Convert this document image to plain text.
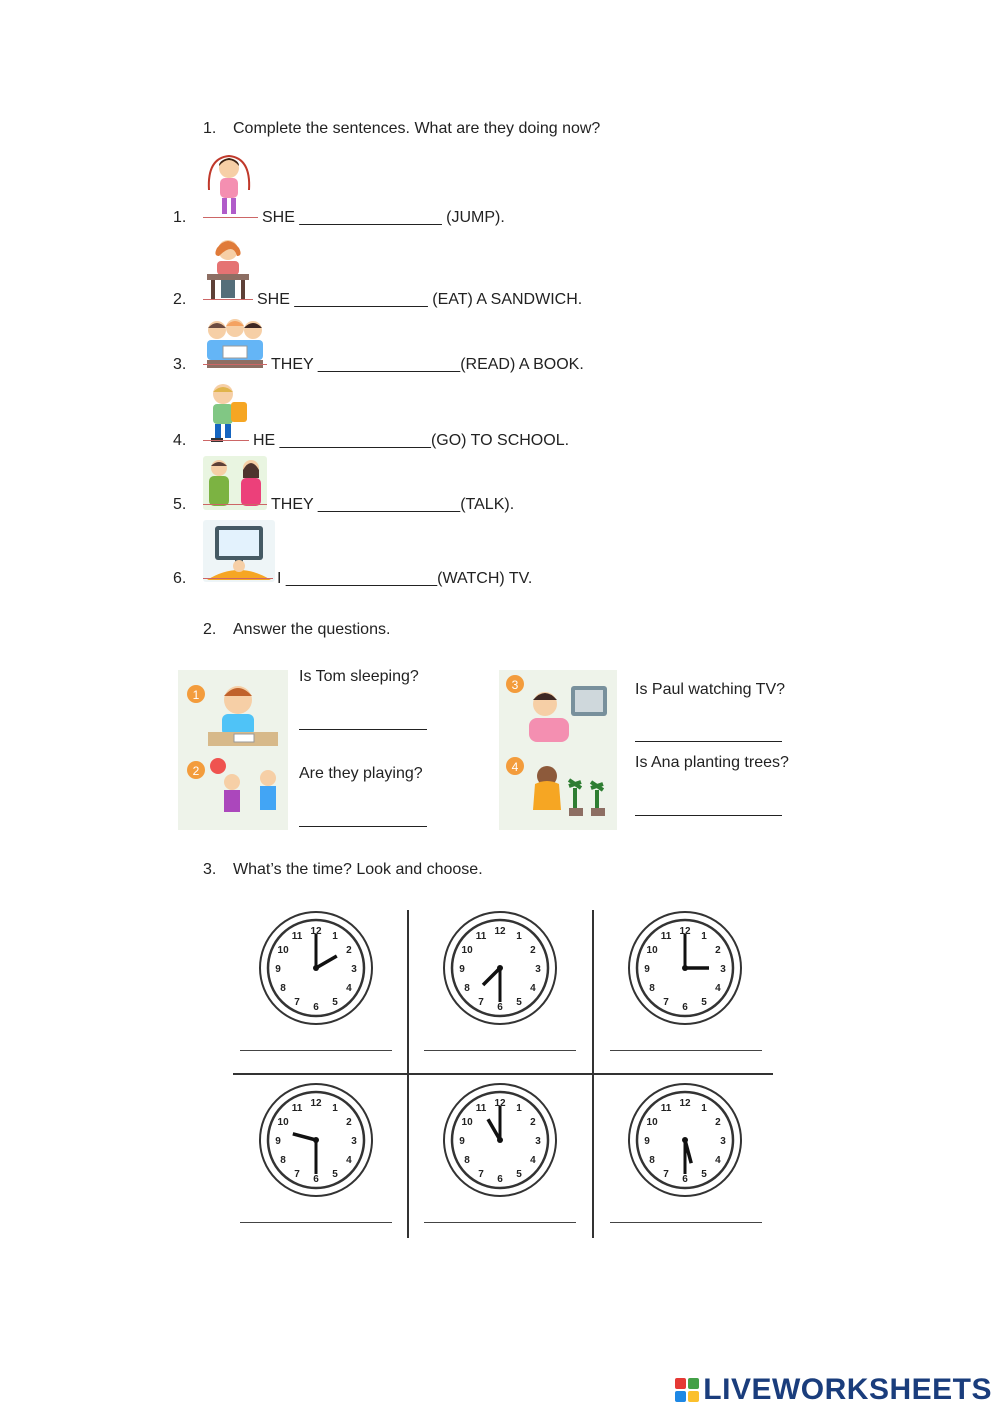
1. Complete the sentences. What are they doing now?
1.	SHE ________________ (JUMP).
2.	SHE _______________ (EAT) A SANDWICH.
3.	THEY ________________(READ) A BOOK.
4.	HE _________________(GO) TO SCHOOL.
5.	THEY ________________(TALK).
6.	I _________________(WATCH) TV.
2. Answer the questions.
1
2
3
4
Is Tom sleeping?
Are they playing?
Is Paul watching TV?
Is Ana planting trees?
3. What’s the time? Look and choose.
12 1
2
3
4
5
6
7
8
9
10
11	12 1
2
3
4
5
6
7
8
9
10
11	12 1
2
3
4
5
6
7
8
9
10
11
12 1
2
3
4
5
6
7
8
9
10
11	12 1
2
3
4
5
6
7
8
9
10
11	12 1
2
3
4
5
6
7
8
9
10
11
LIVEWORKSHEETS
